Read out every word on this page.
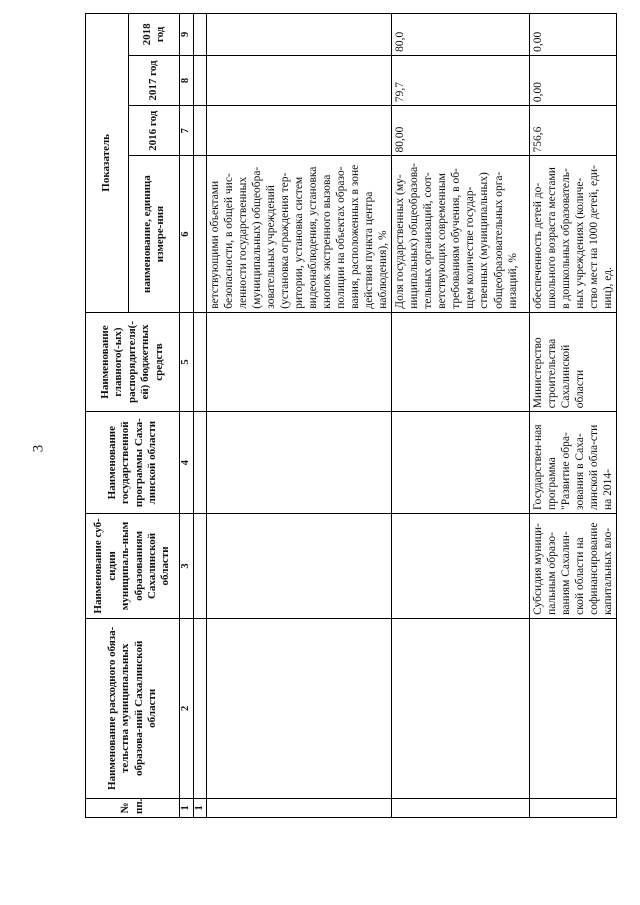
3
№ пп.	Наименование расходного обяза-тельства муниципальных образова-ний Сахалинской области	Наименование суб-сидии муниципаль-ным образованиям Сахалинской области	Наименование государственной программы Саха-линской области	Наименование главного(-ых) распорядителя(-ей) бюджетных средств	Показатель			
					наименование, единица измере-ния	2016 год	2017 год	2018 год
1	2	3	4	5	6	7	8	9
1								
					ветствующими объектами безопасности, в общей чис-ленности государственных (муниципальных) общеобра-зовательных учреждений (установка ограждения тер-ритории, установка систем видеонаблюдения, установка кнопок экстренного вызова полиции на объектах образо-вания, расположенных в зоне действия пункта центра наблюдения), %			
					Доля государственных (му-ниципальных) общеобразова-тельных организаций, соот-ветствующих современным требованиям обучения, в об-щем количестве государ-ственных (муниципальных) общеобразовательных орга-низаций, %	80,00	79,7	80,0
		Субсидия муници-пальным образо-ваниям Сахалин-ской области на софинансирование капитальных вло-	Государствен-ная программа "Развитие обра-зования в Саха-линской обла-сти на 2014-	Министерство строительства Сахалинской области	обеспеченность детей до-школьного возраста местами в дошкольных образователь-ных учреждениях (количе-ство мест на 1000 детей, еди-ниц), ед.	756,6	0,00	0,00
